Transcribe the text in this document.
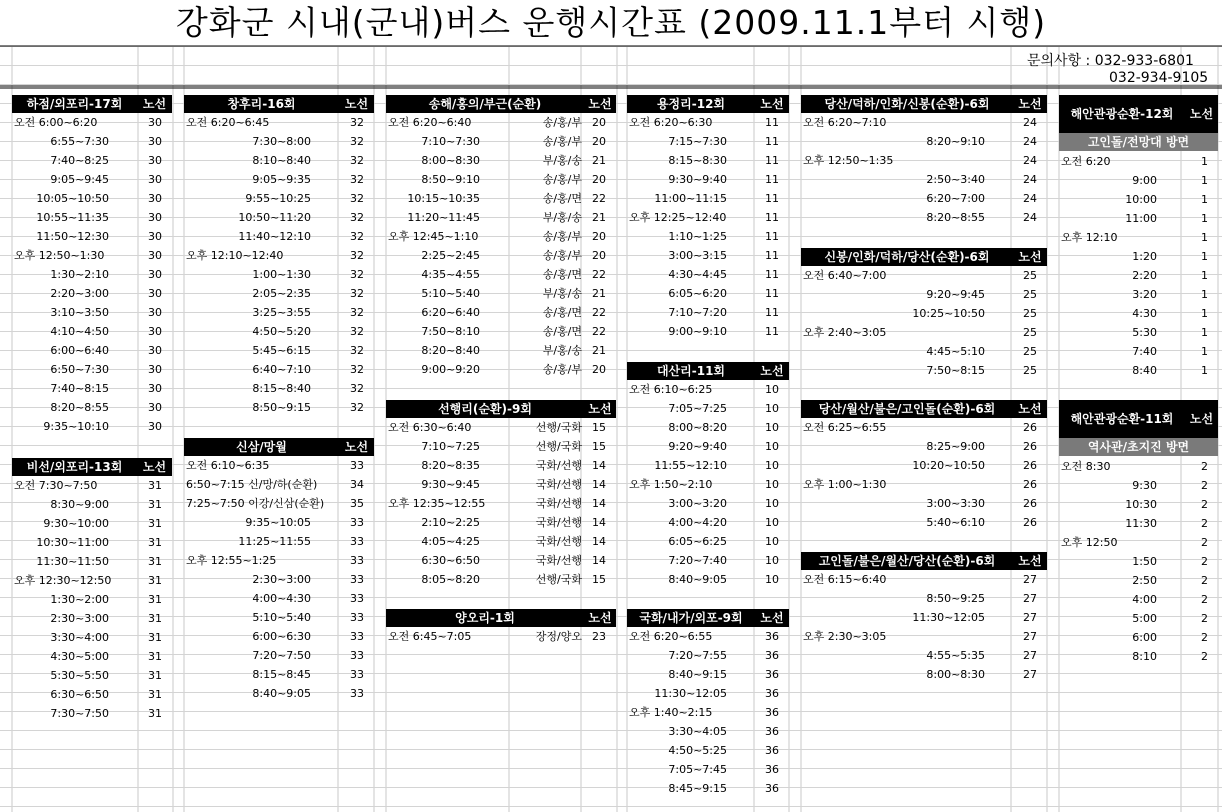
강화군 시내(군내)버스 운행시간표 (2009.11.1부터 시행)
문의사항 : 032-933-6801
032-934-9105
하점/외포리-17회	노선
오전 6:00~6:20	30
6:55~7:30	30
7:40~8:25	30
9:05~9:45	30
10:05~10:50	30
10:55~11:35	30
11:50~12:30	30
오후 12:50~1:30	30
1:30~2:10	30
2:20~3:00	30
3:10~3:50	30
4:10~4:50	30
6:00~6:40	30
6:50~7:30	30
7:40~8:15	30
8:20~8:55	30
9:35~10:10	30
비선/외포리-13회	노선
오전 7:30~7:50	31
8:30~9:00	31
9:30~10:00	31
10:30~11:00	31
11:30~11:50	31
오후 12:30~12:50	31
1:30~2:00	31
2:30~3:00	31
3:30~4:00	31
4:30~5:00	31
5:30~5:50	31
6:30~6:50	31
7:30~7:50	31
창후리-16회	노선
오전 6:20~6:45	32
7:30~8:00	32
8:10~8:40	32
9:05~9:35	32
9:55~10:25	32
10:50~11:20	32
11:40~12:10	32
오후 12:10~12:40	32
1:00~1:30	32
2:05~2:35	32
3:25~3:55	32
4:50~5:20	32
5:45~6:15	32
6:40~7:10	32
8:15~8:40	32
8:50~9:15	32
신삼/망월	노선
오전 6:10~6:35	33
6:50~7:15 신/망/하(순환)	34
7:25~7:50 이강/신삼(순환)	35
9:35~10:05	33
11:25~11:55	33
오후 12:55~1:25	33
2:30~3:00	33
4:00~4:30	33
5:10~5:40	33
6:00~6:30	33
7:20~7:50	33
8:15~8:45	33
8:40~9:05	33
송해/홍의/부근(순환)	노선
오전 6:20~6:40	송/홍/부 20
7:10~7:30	송/홍/부 20
8:00~8:30	부/홍/송 21
8:50~9:10	송/홍/부 20
10:15~10:35	송/홍/면 22
11:20~11:45	부/홍/송 21
오후 12:45~1:10	송/홍/부 20
2:25~2:45	송/홍/부 20
4:35~4:55	송/홍/면 22
5:10~5:40	부/홍/송 21
6:20~6:40	송/홍/면 22
7:50~8:10	송/홍/면 22
8:20~8:40	부/홍/송 21
9:00~9:20	송/홍/부 20
선행리(순환)-9회	노선
오전 6:30~6:40	선행/국화 15
7:10~7:25	선행/국화 15
8:20~8:35	국화/선행 14
9:30~9:45	국화/선행 14
오후 12:35~12:55	국화/선행 14
2:10~2:25	국화/선행 14
4:05~4:25	국화/선행 14
6:30~6:50	국화/선행 14
8:05~8:20	선행/국화 15
양오리-1회	노선
오전 6:45~7:05	장정/양오 23
용정리-12회	노선
오전 6:20~6:30	11
7:15~7:30	11
8:15~8:30	11
9:30~9:40	11
11:00~11:15	11
오후 12:25~12:40	11
1:10~1:25	11
3:00~3:15	11
4:30~4:45	11
6:05~6:20	11
7:10~7:20	11
9:00~9:10	11
대산리-11회	노선
오전 6:10~6:25	10
7:05~7:25	10
8:00~8:20	10
9:20~9:40	10
11:55~12:10	10
오후 1:50~2:10	10
3:00~3:20	10
4:00~4:20	10
6:05~6:25	10
7:20~7:40	10
8:40~9:05	10
국화/내가/외포-9회	노선
오전 6:20~6:55	36
7:20~7:55	36
8:40~9:15	36
11:30~12:05	36
오후 1:40~2:15	36
3:30~4:05	36
4:50~5:25	36
7:05~7:45	36
8:45~9:15	36
당산/덕하/인화/신봉(순환)-6회	노선
오전 6:20~7:10	24
8:20~9:10	24
오후 12:50~1:35	24
2:50~3:40	24
6:20~7:00	24
8:20~8:55	24
신봉/인화/덕하/당산(순환)-6회	노선
오전 6:40~7:00	25
9:20~9:45	25
10:25~10:50	25
오후 2:40~3:05	25
4:45~5:10	25
7:50~8:15	25
당산/월산/불은/고인돌(순환)-6회	노선
오전 6:25~6:55	26
8:25~9:00	26
10:20~10:50	26
오후 1:00~1:30	26
3:00~3:30	26
5:40~6:10	26
고인돌/불은/월산/당산(순환)-6회	노선
오전 6:15~6:40	27
8:50~9:25	27
11:30~12:05	27
오후 2:30~3:05	27
4:55~5:35	27
8:00~8:30	27
해안관광순환-12회	노선
고인돌/전망대 방면
오전 6:20	1
9:00	1
10:00	1
11:00	1
오후 12:10	1
1:20	1
2:20	1
3:20	1
4:30	1
5:30	1
7:40	1
8:40	1
해안관광순환-11회	노선
역사관/초지진 방면
오전 8:30	2
9:30	2
10:30	2
11:30	2
오후 12:50	2
1:50	2
2:50	2
4:00	2
5:00	2
6:00	2
8:10	2
